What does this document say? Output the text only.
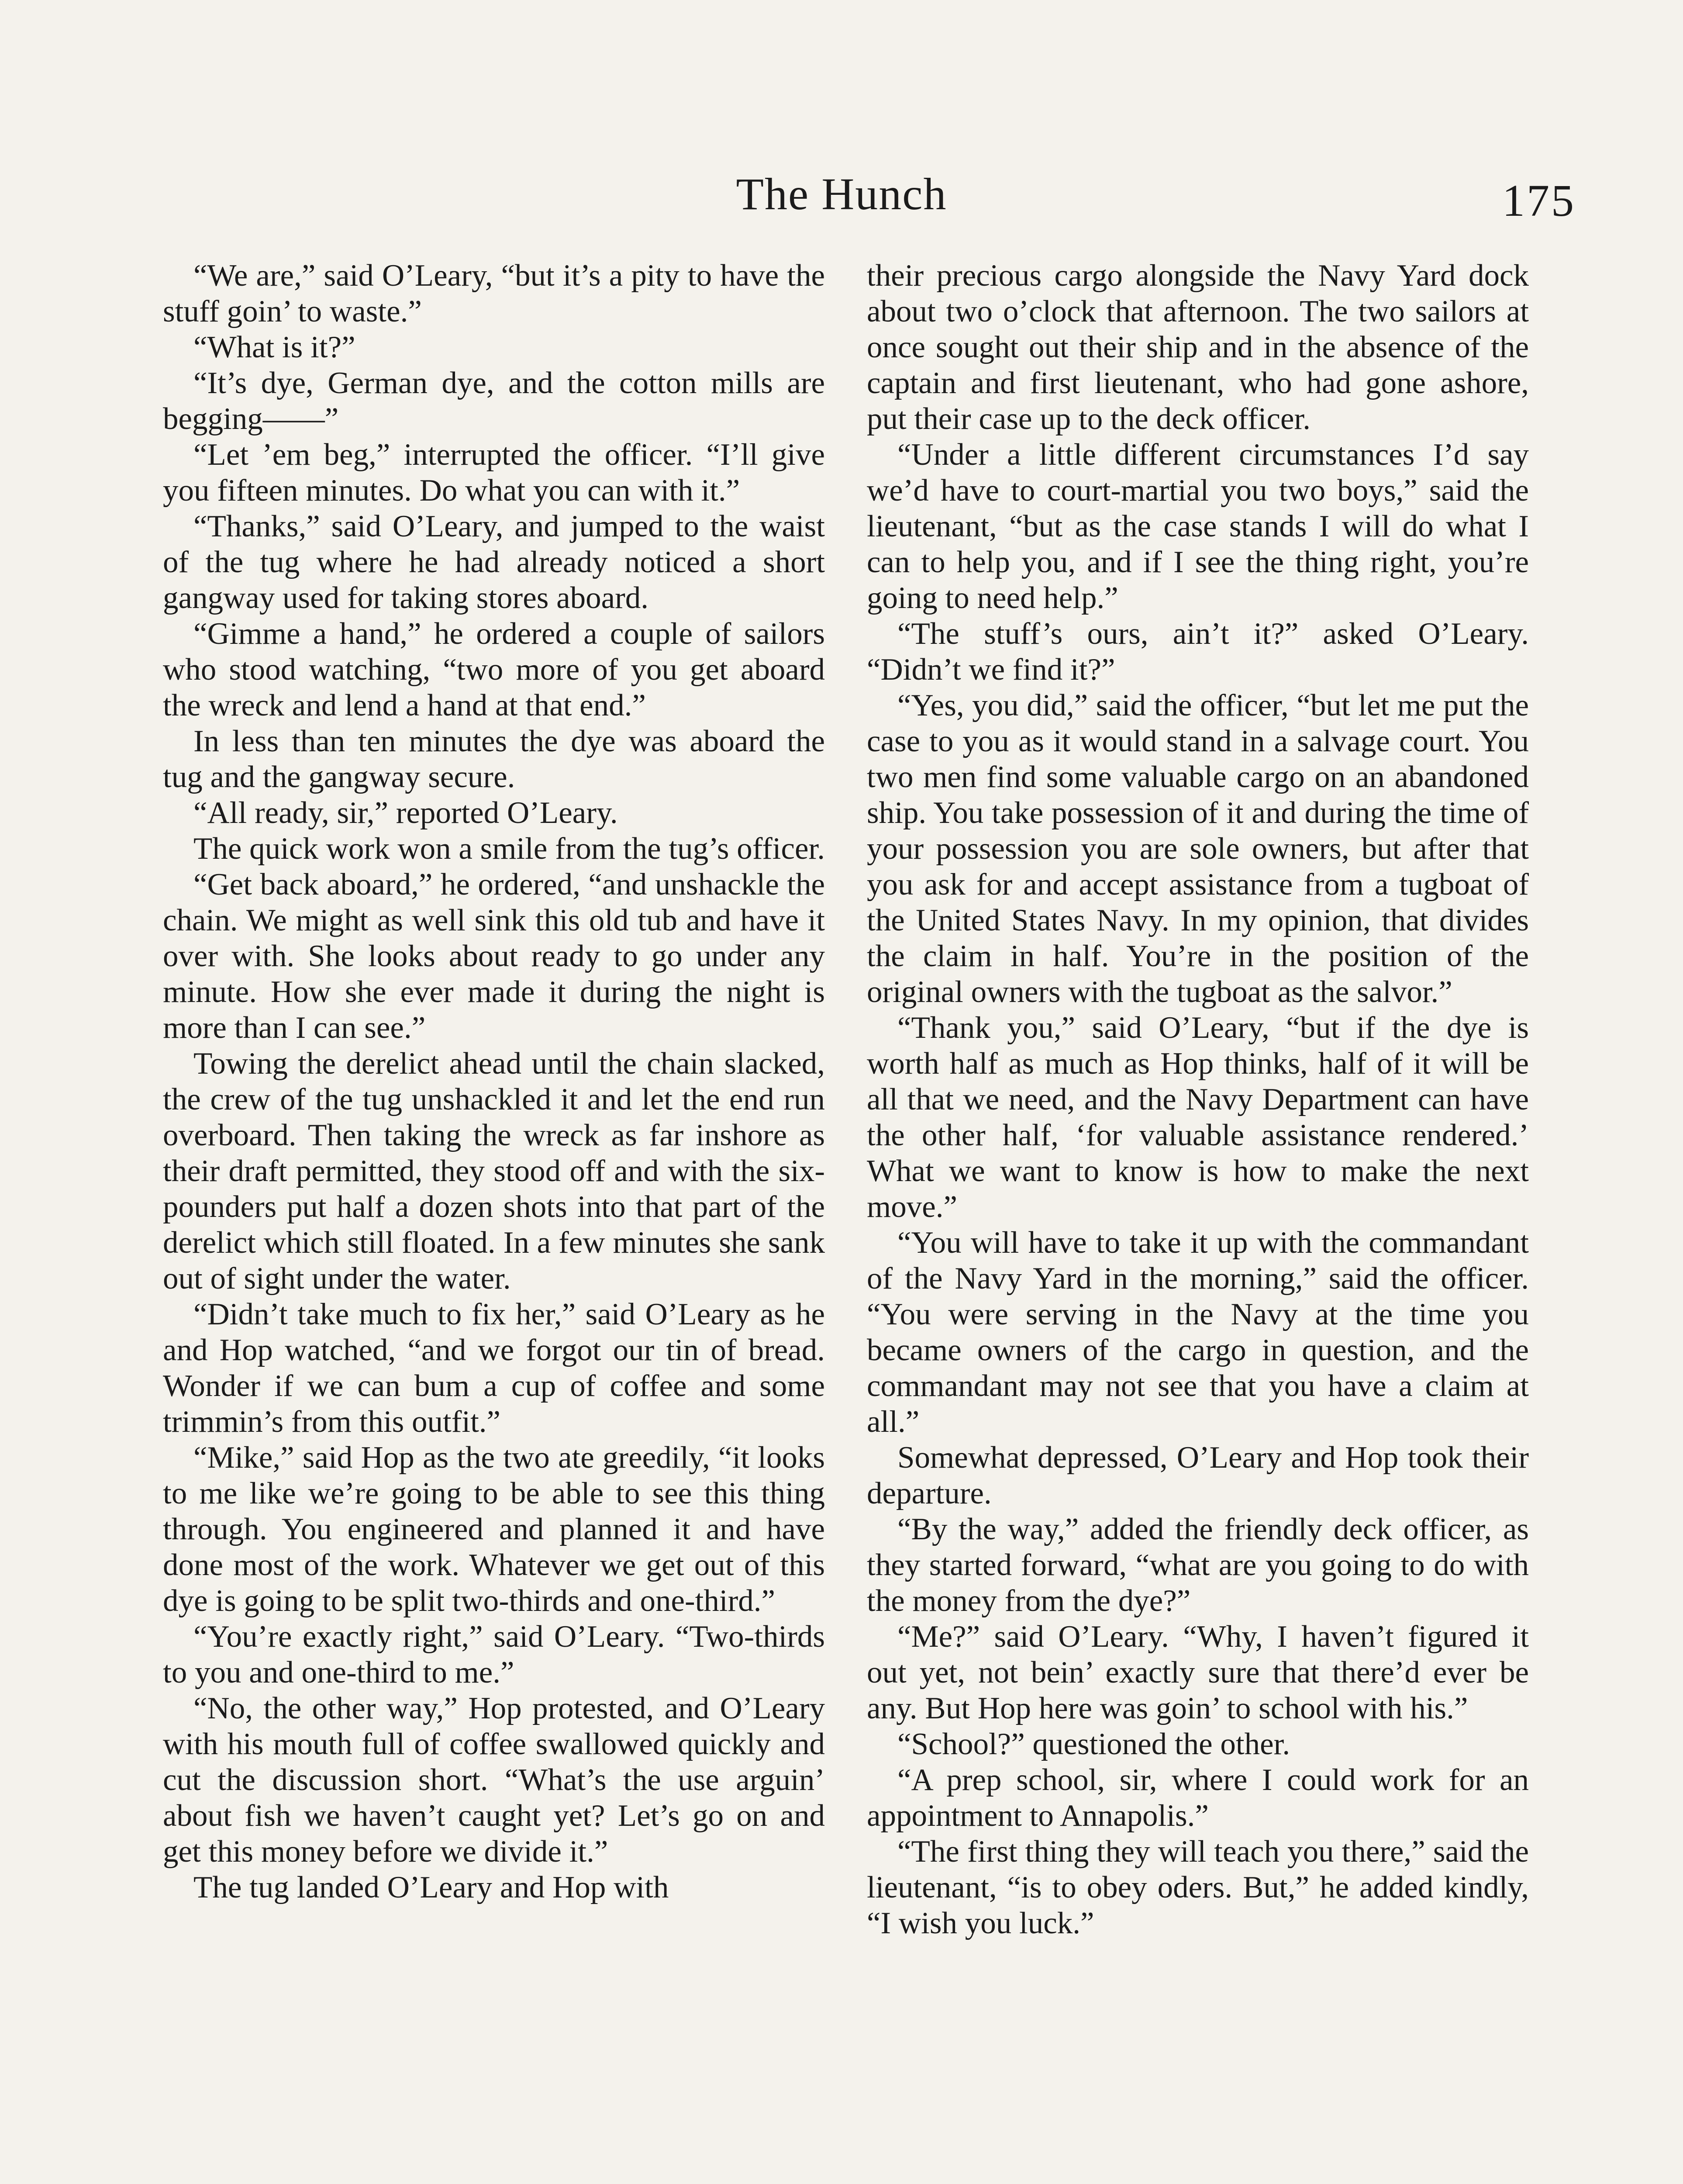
The Hunch	175

“We are,” said O’Leary, “but it’s a pity to have the stuff goin’ to waste.”

“What is it?”

“It’s dye, German dye, and the cotton mills are begging——”

“Let ’em beg,” interrupted the officer. “I’ll give you fifteen minutes. Do what you can with it.”

“Thanks,” said O’Leary, and jumped to the waist of the tug where he had already noticed a short gangway used for taking stores aboard.

“Gimme a hand,” he ordered a couple of sailors who stood watching, “two more of you get aboard the wreck and lend a hand at that end.”

In less than ten minutes the dye was aboard the tug and the gangway secure.

“All ready, sir,” reported O’Leary.

The quick work won a smile from the tug’s officer.

“Get back aboard,” he ordered, “and unshackle the chain. We might as well sink this old tub and have it over with. She looks about ready to go under any minute. How she ever made it during the night is more than I can see.”

Towing the derelict ahead until the chain slacked, the crew of the tug unshackled it and let the end run overboard. Then taking the wreck as far inshore as their draft permitted, they stood off and with the six-pounders put half a dozen shots into that part of the derelict which still floated. In a few minutes she sank out of sight under the water.

“Didn’t take much to fix her,” said O’Leary as he and Hop watched, “and we forgot our tin of bread. Wonder if we can bum a cup of coffee and some trimmin’s from this outfit.”

“Mike,” said Hop as the two ate greedily, “it looks to me like we’re going to be able to see this thing through. You engineered and planned it and have done most of the work. Whatever we get out of this dye is going to be split two-thirds and one-third.”

“You’re exactly right,” said O’Leary. “Two-thirds to you and one-third to me.”

“No, the other way,” Hop protested, and O’Leary with his mouth full of coffee swallowed quickly and cut the discussion short. “What’s the use arguin’ about fish we haven’t caught yet? Let’s go on and get this money before we divide it.”

The tug landed O’Leary and Hop with

their precious cargo alongside the Navy Yard dock about two o’clock that afternoon. The two sailors at once sought out their ship and in the absence of the captain and first lieutenant, who had gone ashore, put their case up to the deck officer.

“Under a little different circumstances I’d say we’d have to court-martial you two boys,” said the lieutenant, “but as the case stands I will do what I can to help you, and if I see the thing right, you’re going to need help.”

“The stuff’s ours, ain’t it?” asked O’Leary. “Didn’t we find it?”

“Yes, you did,” said the officer, “but let me put the case to you as it would stand in a salvage court. You two men find some valuable cargo on an abandoned ship. You take possession of it and during the time of your possession you are sole owners, but after that you ask for and accept assistance from a tugboat of the United States Navy. In my opinion, that divides the claim in half. You’re in the position of the original owners with the tugboat as the salvor.”

“Thank you,” said O’Leary, “but if the dye is worth half as much as Hop thinks, half of it will be all that we need, and the Navy Department can have the other half, ‘for valuable assistance rendered.’ What we want to know is how to make the next move.”

“You will have to take it up with the commandant of the Navy Yard in the morning,” said the officer. “You were serving in the Navy at the time you became owners of the cargo in question, and the commandant may not see that you have a claim at all.”

Somewhat depressed, O’Leary and Hop took their departure.

“By the way,” added the friendly deck officer, as they started forward, “what are you going to do with the money from the dye?”

“Me?” said O’Leary. “Why, I haven’t figured it out yet, not bein’ exactly sure that there’d ever be any. But Hop here was goin’ to school with his.”

“School?” questioned the other.

“A prep school, sir, where I could work for an appointment to Annapolis.”

“The first thing they will teach you there,” said the lieutenant, “is to obey oders. But,” he added kindly, “I wish you luck.”
